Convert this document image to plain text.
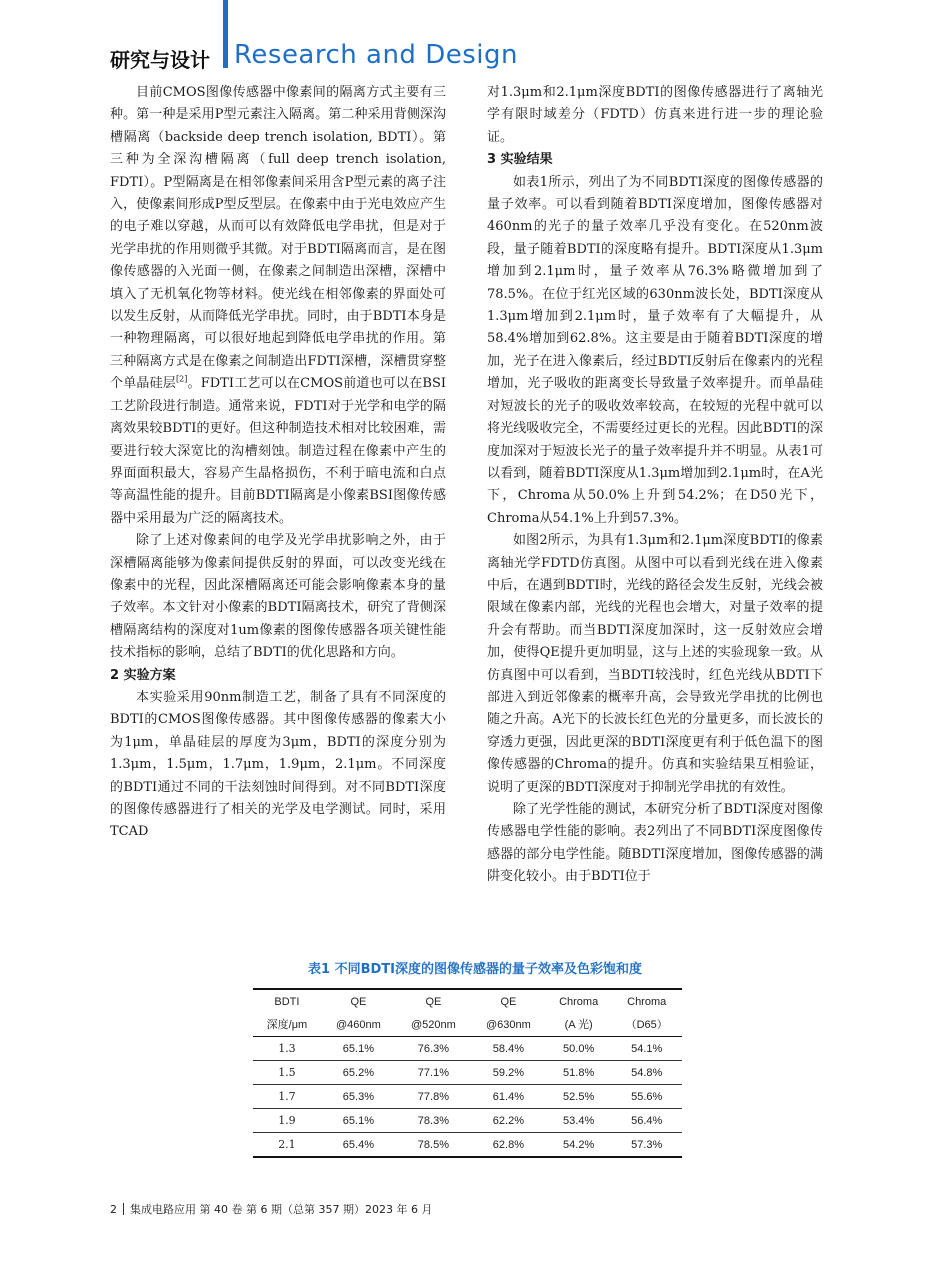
研究与设计 Research and Design

目前CMOS图像传感器中像素间的隔离方式主要有三种。第一种是采用P型元素注入隔离。第二种采用背侧深沟槽隔离（backside deep trench isolation, BDTI）。第三种为全深沟槽隔离（full deep trench isolation, FDTI）。P型隔离是在相邻像素间采用含P型元素的离子注入，使像素间形成P型反型层。在像素中由于光电效应产生的电子难以穿越，从而可以有效降低电学串扰，但是对于光学串扰的作用则微乎其微。对于BDTI隔离而言，是在图像传感器的入光面一侧，在像素之间制造出深槽，深槽中填入了无机氧化物等材料。使光线在相邻像素的界面处可以发生反射，从而降低光学串扰。同时，由于BDTI本身是一种物理隔离，可以很好地起到降低电学串扰的作用。第三种隔离方式是在像素之间制造出FDTI深槽，深槽贯穿整个单晶硅层[2]。FDTI工艺可以在CMOS前道也可以在BSI工艺阶段进行制造。通常来说，FDTI对于光学和电学的隔离效果较BDTI的更好。但这种制造技术相对比较困难，需要进行较大深宽比的沟槽刻蚀。制造过程在像素中产生的界面面积最大，容易产生晶格损伤，不利于暗电流和白点等高温性能的提升。目前BDTI隔离是小像素BSI图像传感器中采用最为广泛的隔离技术。

除了上述对像素间的电学及光学串扰影响之外，由于深槽隔离能够为像素间提供反射的界面，可以改变光线在像素中的光程，因此深槽隔离还可能会影响像素本身的量子效率。本文针对小像素的BDTI隔离技术，研究了背侧深槽隔离结构的深度对1um像素的图像传感器各项关键性能技术指标的影响，总结了BDTI的优化思路和方向。

2 实验方案

本实验采用90nm制造工艺，制备了具有不同深度的BDTI的CMOS图像传感器。其中图像传感器的像素大小为1μm，单晶硅层的厚度为3μm，BDTI的深度分别为1.3μm，1.5μm，1.7μm，1.9μm，2.1μm。不同深度的BDTI通过不同的干法刻蚀时间得到。对不同BDTI深度的图像传感器进行了相关的光学及电学测试。同时，采用TCAD

对1.3μm和2.1μm深度BDTI的图像传感器进行了离轴光学有限时域差分（FDTD）仿真来进行进一步的理论验证。

3 实验结果

如表1所示，列出了为不同BDTI深度的图像传感器的量子效率。可以看到随着BDTI深度增加，图像传感器对460nm的光子的量子效率几乎没有变化。在520nm波段，量子随着BDTI的深度略有提升。BDTI深度从1.3μm增加到2.1μm时，量子效率从76.3%略微增加到了78.5%。在位于红光区域的630nm波长处，BDTI深度从1.3μm增加到2.1μm时，量子效率有了大幅提升，从58.4%增加到62.8%。这主要是由于随着BDTI深度的增加，光子在进入像素后，经过BDTI反射后在像素内的光程增加，光子吸收的距离变长导致量子效率提升。而单晶硅对短波长的光子的吸收效率较高，在较短的光程中就可以将光线吸收完全，不需要经过更长的光程。因此BDTI的深度加深对于短波长光子的量子效率提升并不明显。从表1可以看到，随着BDTI深度从1.3μm增加到2.1μm时，在A光下，Chroma从50.0%上升到54.2%；在D50光下，Chroma从54.1%上升到57.3%。

如图2所示，为具有1.3μm和2.1μm深度BDTI的像素离轴光学FDTD仿真图。从图中可以看到光线在进入像素中后，在遇到BDTI时，光线的路径会发生反射，光线会被限域在像素内部，光线的光程也会增大，对量子效率的提升会有帮助。而当BDTI深度加深时，这一反射效应会增加，使得QE提升更加明显，这与上述的实验现象一致。从仿真图中可以看到，当BDTI较浅时，红色光线从BDTI下部进入到近邻像素的概率升高，会导致光学串扰的比例也随之升高。A光下的长波长红色光的分量更多，而长波长的穿透力更强，因此更深的BDTI深度更有利于低色温下的图像传感器的Chroma的提升。仿真和实验结果互相验证，说明了更深的BDTI深度对于抑制光学串扰的有效性。

除了光学性能的测试，本研究分析了BDTI深度对图像传感器电学性能的影响。表2列出了不同BDTI深度图像传感器的部分电学性能。随BDTI深度增加，图像传感器的满阱变化较小。由于BDTI位于

表1 不同BDTI深度的图像传感器的量子效率及色彩饱和度
BDTI	QE	QE	QE	Chroma	Chroma
深度/μm	@460nm	@520nm	@630nm	(A 光)	（D65）
1.3	65.1%	76.3%	58.4%	50.0%	54.1%
1.5	65.2%	77.1%	59.2%	51.8%	54.8%
1.7	65.3%	77.8%	61.4%	52.5%	55.6%
1.9	65.1%	78.3%	62.2%	53.4%	56.4%
2.1	65.4%	78.5%	62.8%	54.2%	57.3%
2 集成电路应用 第 40 卷 第 6 期（总第 357 期）2023 年 6 月
